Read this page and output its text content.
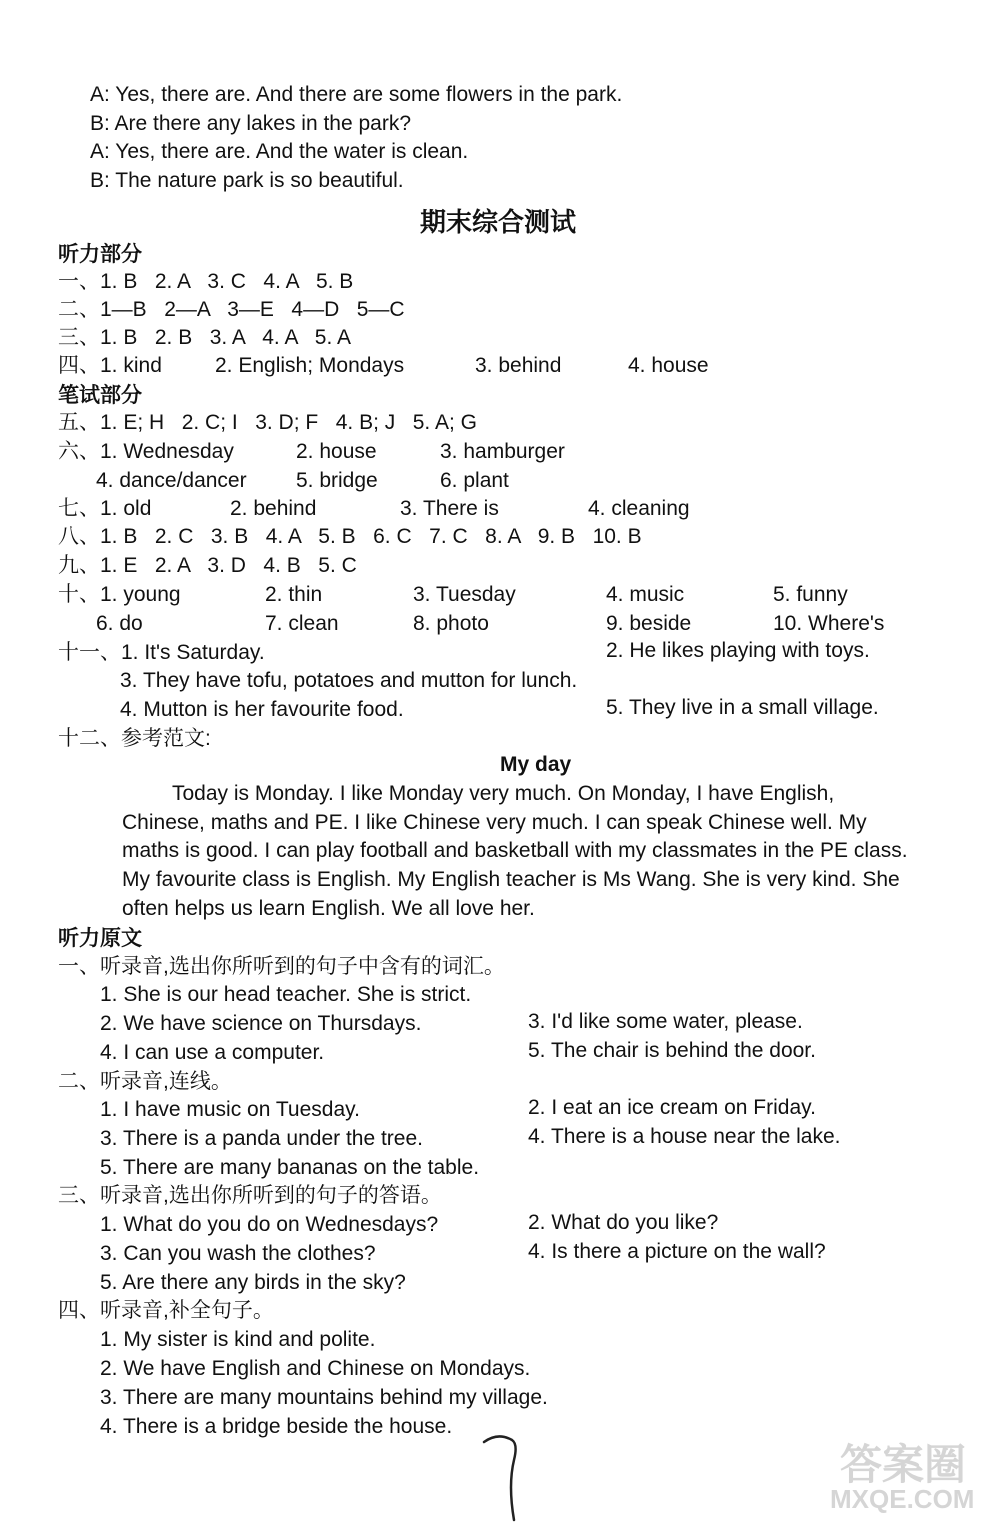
A: Yes, there are. And there are some flowers in the park.
B: Are there any lakes in the park?
A: Yes, there are. And the water is clean.
B: The nature park is so beautiful.
期末综合测试
听力部分
一、1. B   2. A   3. C   4. A   5. B
二、1—B   2—A   3—E   4—D   5—C
三、1. B   2. B   3. A   4. A   5. A
四、1. kind	2. English; Mondays	3. behind	4. house
笔试部分
五、1. E; H   2. C; I   3. D; F   4. B; J   5. A; G
六、1. Wednesday	2. house	3. hamburger
4. dance/dancer 5. bridge	6. plant
七、1. old	2. behind	3. There is	4. cleaning
八、1. B   2. C   3. B   4. A   5. B   6. C   7. C   8. A   9. B   10. B
九、1. E   2. A   3. D   4. B   5. C
十、1. young	2. thin	3. Tuesday	4. music	5. funny
6. do	7. clean	8. photo	9. beside	10. Where's
十一、1. It's Saturday.	2. He likes playing with toys.
3. They have tofu, potatoes and mutton for lunch.
4. Mutton is her favourite food.	5. They live in a small village.
十二、参考范文:
My day
Today is Monday. I like Monday very much. On Monday, I have English,
Chinese, maths and PE. I like Chinese very much. I can speak Chinese well. My
maths is good. I can play football and basketball with my classmates in the PE class.
My favourite class is English. My English teacher is Ms Wang. She is very kind. She
often helps us learn English. We all love her.
听力原文
一、听录音,选出你所听到的句子中含有的词汇。
1. She is our head teacher. She is strict.
2. We have science on Thursdays.	3. I'd like some water, please.
4. I can use a computer.	5. The chair is behind the door.
二、听录音,连线。
1. I have music on Tuesday.	2. I eat an ice cream on Friday.
3. There is a panda under the tree.	4. There is a house near the lake.
5. There are many bananas on the table.
三、听录音,选出你所听到的句子的答语。
1. What do you do on Wednesdays?	2. What do you like?
3. Can you wash the clothes?	4. Is there a picture on the wall?
5. Are there any birds in the sky?
四、听录音,补全句子。
1. My sister is kind and polite.
2. We have English and Chinese on Mondays.
3. There are many mountains behind my village.
4. There is a bridge beside the house.
答案圈
MXQE.COM
